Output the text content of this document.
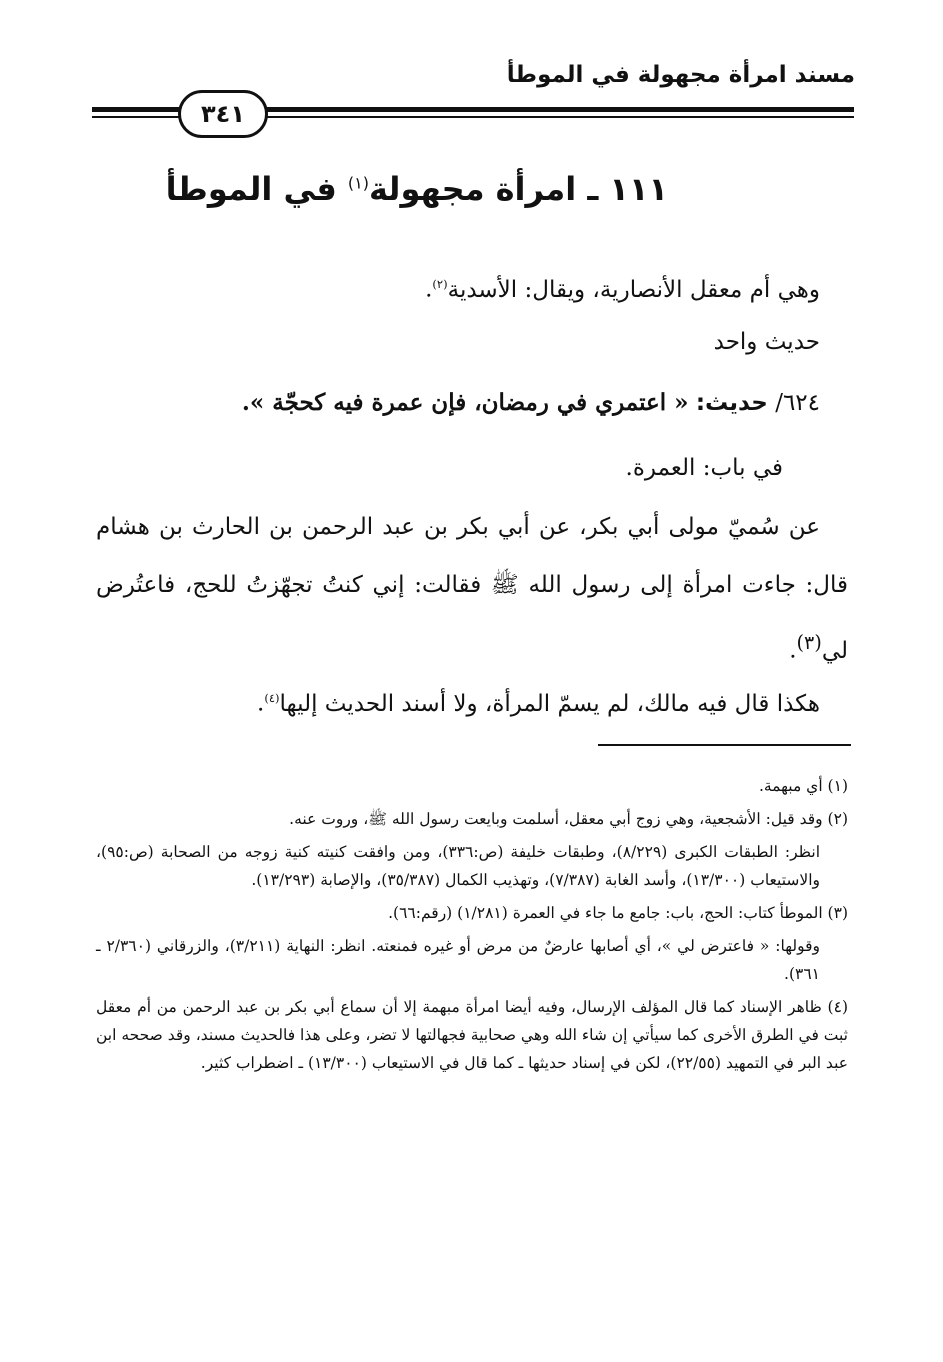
مسند امرأة مجهولة في الموطأ
٣٤١
١١١ ـ امرأة مجهولة$^{(١)}$ في الموطأ
وهي أم معقل الأنصارية، ويقال: الأسدية$^{(٢)}$.
حديث واحد
٦٢٤/ حديث: « اعتمري في رمضان، فإن عمرة فيه كحجّة ».
في باب: العمرة.
عن سُميّ مولى أبي بكر، عن أبي بكر بن عبد الرحمن بن الحارث بن هشام قال: جاءت امرأة إلى رسول الله ﷺ فقالت: إني كنتُ تجهّزتُ للحج، فاعتُرض لي$^{(٣)}$.
هكذا قال فيه مالك، لم يسمّ المرأة، ولا أسند الحديث إليها$^{(٤)}$.

(١) أي مبهمة.

(٢) وقد قيل: الأشجعية، وهي زوج أبي معقل، أسلمت وبايعت رسول الله ﷺ، وروت عنه.

انظر: الطبقات الكبرى (٨/٢٢٩)، وطبقات خليفة (ص:٣٣٦)، ومن وافقت كنيته كنية زوجه من الصحابة (ص:٩٥)، والاستيعاب (١٣/٣٠٠)، وأسد الغابة (٧/٣٨٧)، وتهذيب الكمال (٣٥/٣٨٧)، والإصابة (١٣/٢٩٣).

(٣) الموطأ كتاب: الحج، باب: جامع ما جاء في العمرة (١/٢٨١) (رقم:٦٦).

وقولها: « فاعترض لي »، أي أصابها عارضٌ من مرض أو غيره فمنعته. انظر: النهاية (٣/٢١١)، والزرقاني (٢/٣٦٠ ـ ٣٦١).

(٤) ظاهر الإسناد كما قال المؤلف الإرسال، وفيه أيضا امرأة مبهمة إلا أن سماع أبي بكر بن عبد الرحمن من أم معقل ثبت في الطرق الأخرى كما سيأتي إن شاء الله وهي صحابية فجهالتها لا تضر، وعلى هذا فالحديث مسند، وقد صححه ابن عبد البر في التمهيد (٢٢/٥٥)، لكن في إسناد حديثها ـ كما قال في الاستيعاب (١٣/٣٠٠) ـ اضطراب كثير.
